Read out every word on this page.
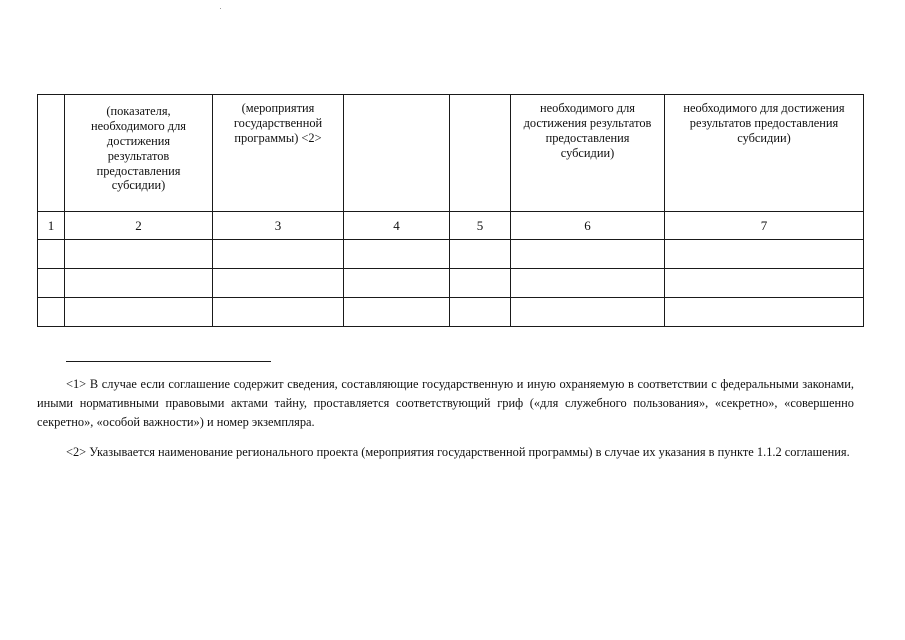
	(показателя, необходимого для достижения результатов предоставления субсидии)	(мероприятия государственной программы) <2>			необходимого для достижения результатов предоставления субсидии)	необходимого для достижения результатов предоставления субсидии)

1	2	3	4	5	6	7

<1> В случае если соглашение содержит сведения, составляющие государственную и иную охраняемую в соответствии с федеральными законами, иными нормативными правовыми актами тайну, проставляется соответствующий гриф («для служебного пользования», «секретно», «совершенно секретно», «особой важности») и номер экземпляра.

<2> Указывается наименование регионального проекта (мероприятия государственной программы) в случае их указания в пункте 1.1.2 соглашения.
